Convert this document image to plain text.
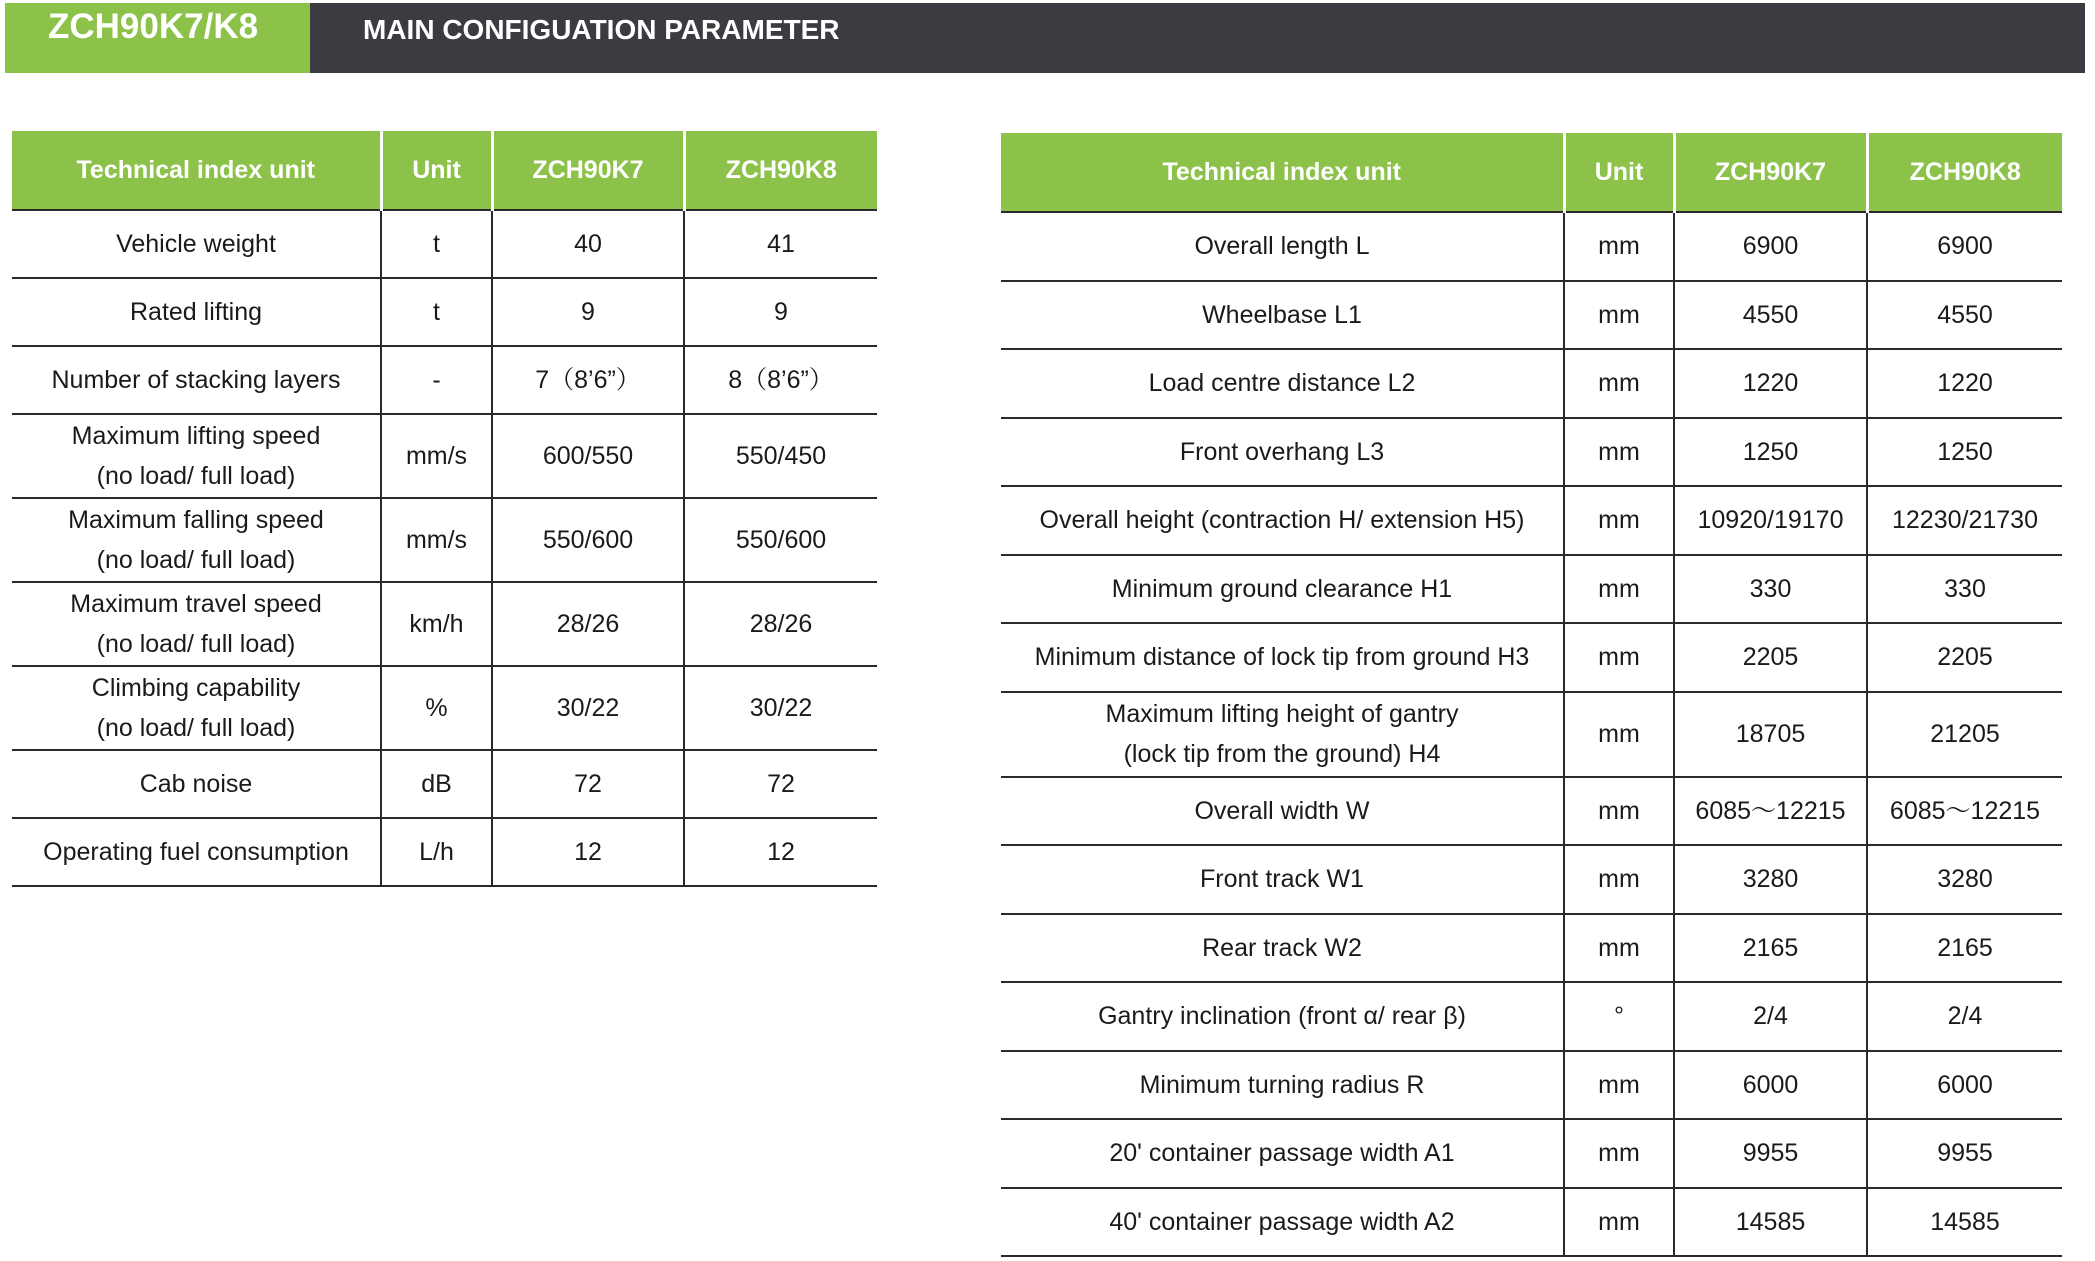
ZCH90K7/K8	MAIN CONFIGUATION PARAMETER
Technical index unit	Unit	ZCH90K7	ZCH90K8

Vehicle weight	t	40	41

Rated lifting	t	9	9

Number of stacking layers	-	7（8’6”）	8（8’6”）

Maximum lifting speed
(no load/ full load)	mm/s	600/550	550/450

Maximum falling speed
(no load/ full load)	mm/s	550/600	550/600

Maximum travel speed
(no load/ full load)	km/h	28/26	28/26

Climbing capability
(no load/ full load)	%	30/22	30/22

Cab noise	dB	72	72

Operating fuel consumption	L/h	12	12
Technical index unit	Unit	ZCH90K7	ZCH90K8

Overall length L	mm	6900	6900

Wheelbase L1	mm	4550	4550

Load centre distance L2	mm	1220	1220

Front overhang L3	mm	1250	1250

Overall height (contraction H/ extension H5)	mm	10920/19170	12230/21730

Minimum ground clearance H1	mm	330	330

Minimum distance of lock tip from ground H3	mm	2205	2205

Maximum lifting height of gantry
(lock tip from the ground) H4	mm	18705	21205

Overall width W	mm	6085～12215	6085～12215

Front track W1	mm	3280	3280

Rear track W2	mm	2165	2165

Gantry inclination (front α/ rear β)	°	2/4	2/4

Minimum turning radius R	mm	6000	6000

20' container passage width A1	mm	9955	9955

40' container passage width A2	mm	14585	14585
